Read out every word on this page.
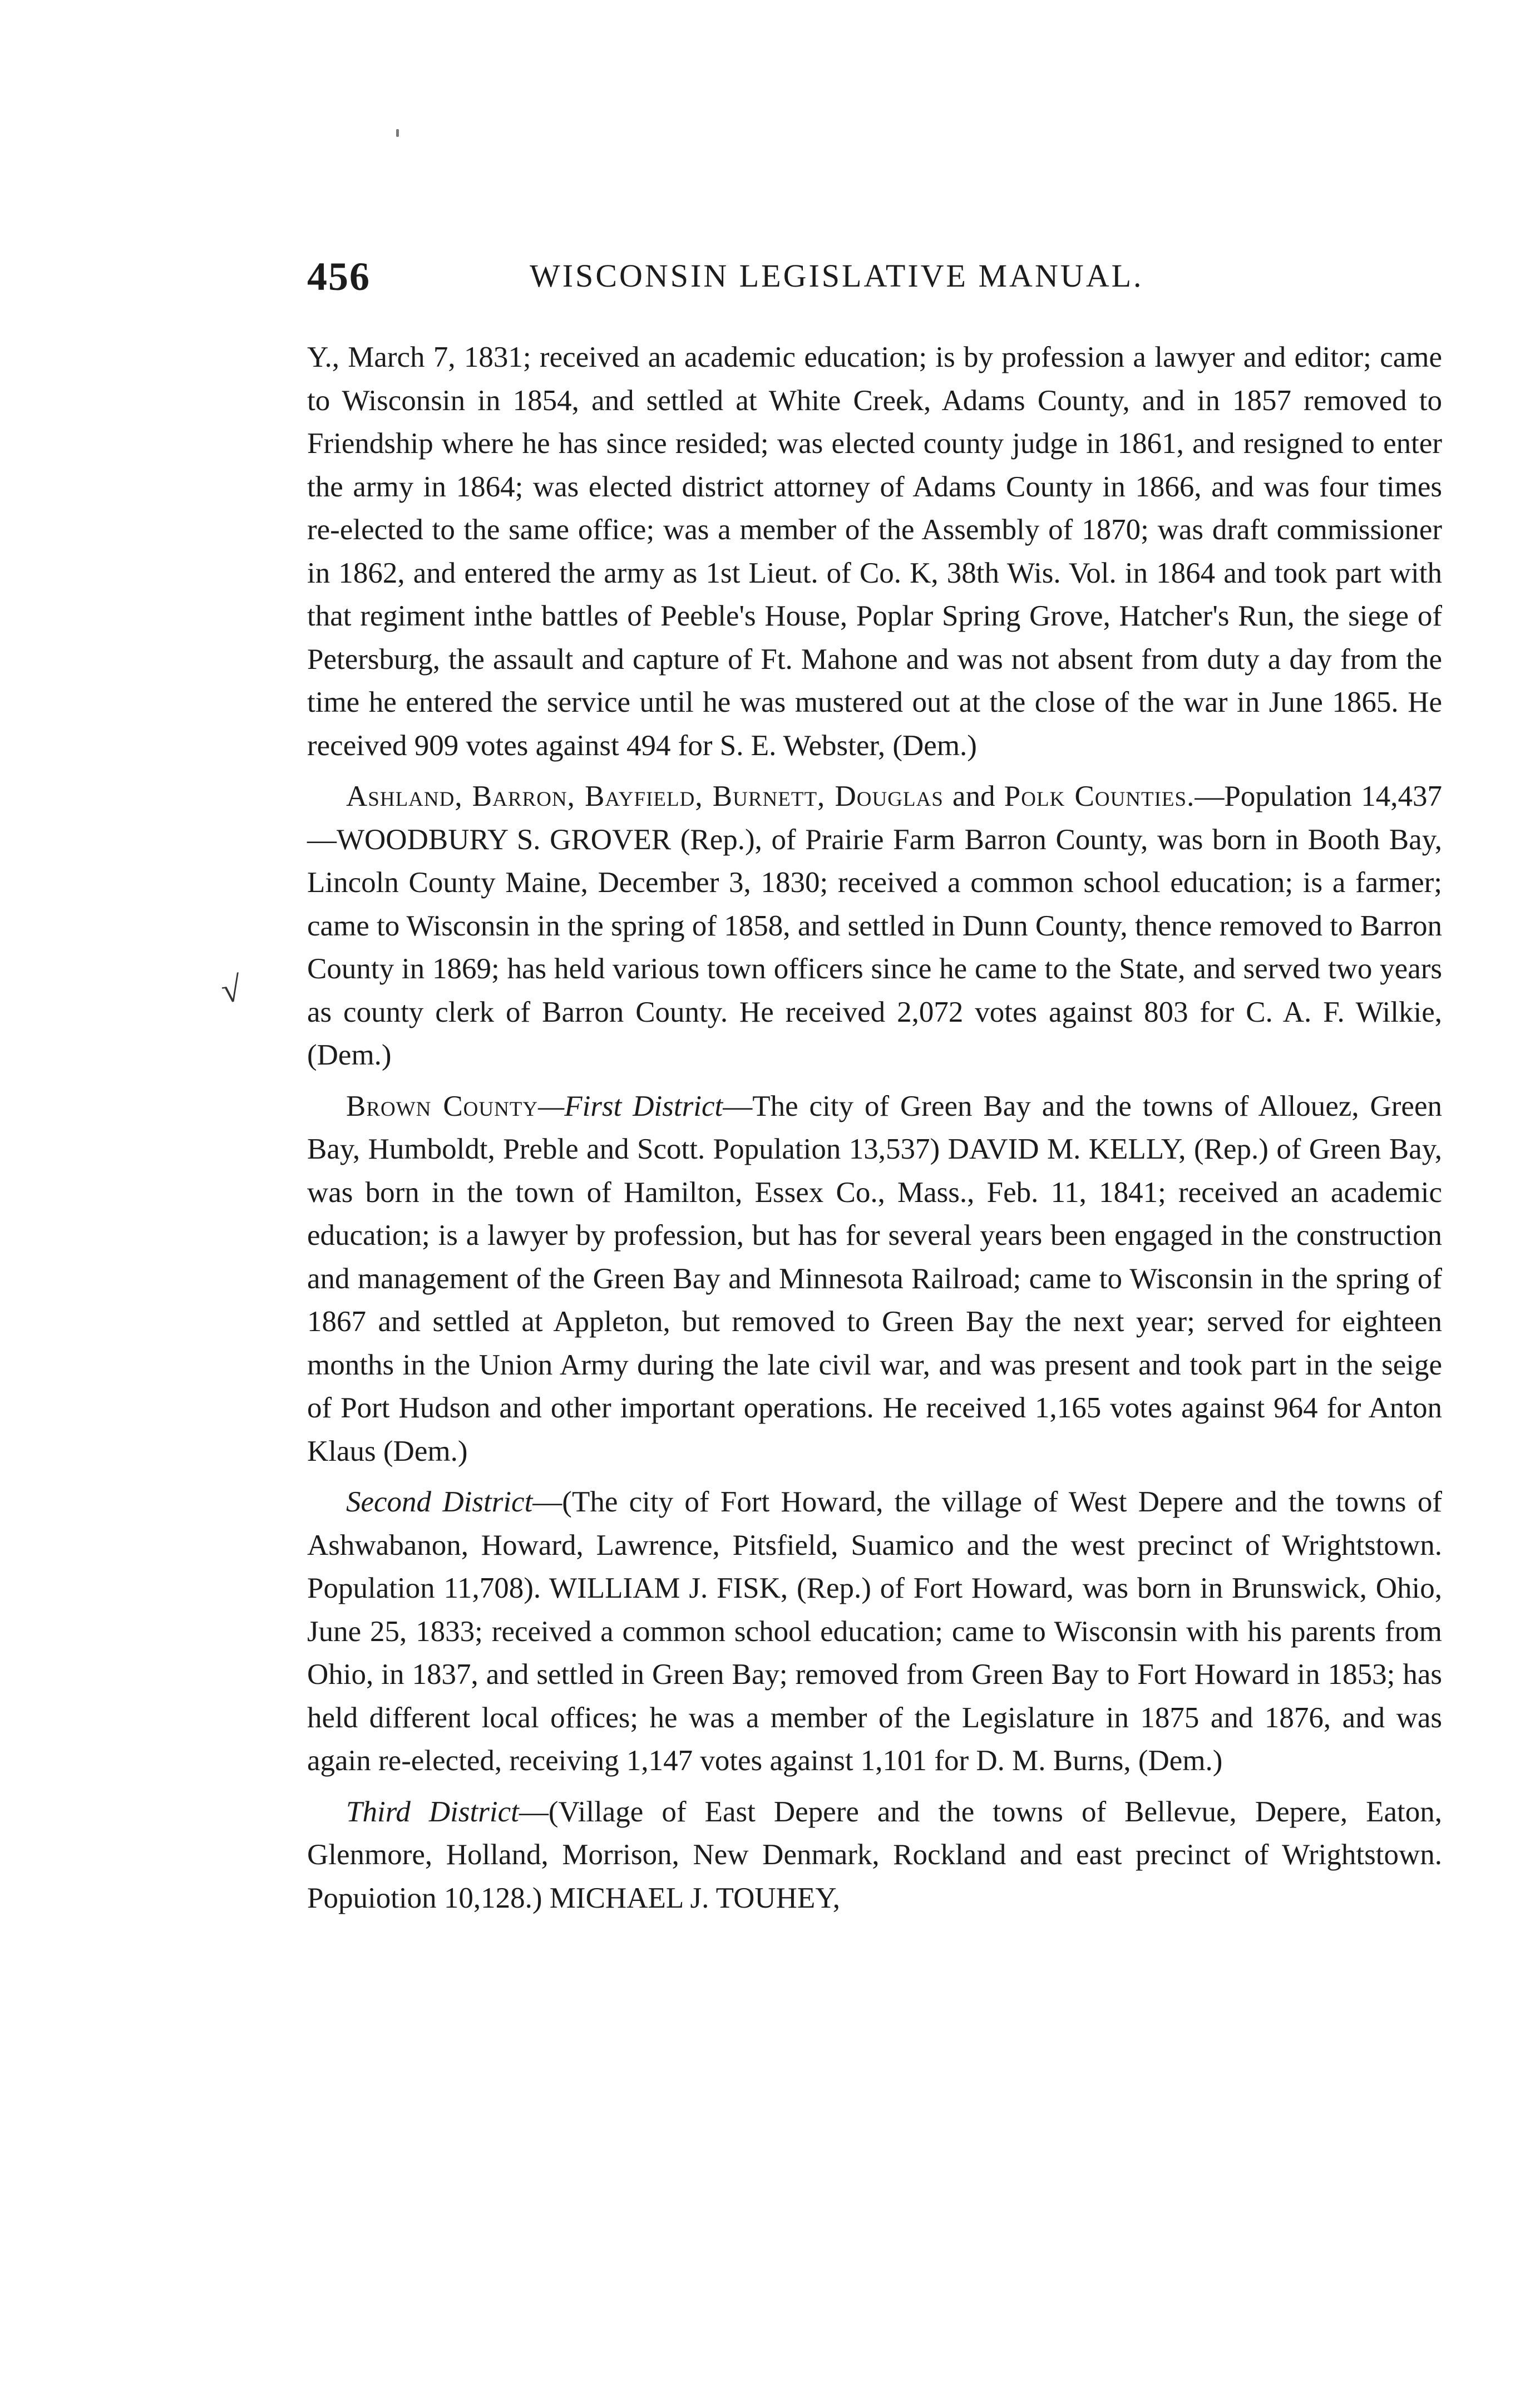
456	WISCONSIN LEGISLATIVE MANUAL.
√

Y., March 7, 1831; received an academic education; is by profession a lawyer and editor; came to Wisconsin in 1854, and settled at White Creek, Adams County, and in 1857 removed to Friendship where he has since resided; was elected county judge in 1861, and resigned to enter the army in 1864; was elected district attorney of Adams County in 1866, and was four times re-elected to the same office; was a member of the Assembly of 1870; was draft commissioner in 1862, and entered the army as 1st Lieut. of Co. K, 38th Wis. Vol. in 1864 and took part with that regiment inthe battles of Peeble's House, Poplar Spring Grove, Hatcher's Run, the siege of Petersburg, the assault and capture of Ft. Mahone and was not absent from duty a day from the time he entered the service until he was mustered out at the close of the war in June 1865. He received 909 votes against 494 for S. E. Webster, (Dem.)

Ashland, Barron, Bayfield, Burnett, Douglas and Polk Counties.—Population 14,437—WOODBURY S. GROVER (Rep.), of Prairie Farm Barron County, was born in Booth Bay, Lincoln County Maine, December 3, 1830; received a common school education; is a farmer; came to Wisconsin in the spring of 1858, and settled in Dunn County, thence removed to Barron County in 1869; has held various town officers since he came to the State, and served two years as county clerk of Barron County. He received 2,072 votes against 803 for C. A. F. Wilkie, (Dem.)

Brown County—First District—The city of Green Bay and the towns of Allouez, Green Bay, Humboldt, Preble and Scott. Population 13,537) DAVID M. KELLY, (Rep.) of Green Bay, was born in the town of Hamilton, Essex Co., Mass., Feb. 11, 1841; received an academic education; is a lawyer by profession, but has for several years been engaged in the construction and management of the Green Bay and Minnesota Railroad; came to Wisconsin in the spring of 1867 and settled at Appleton, but removed to Green Bay the next year; served for eighteen months in the Union Army during the late civil war, and was present and took part in the seige of Port Hudson and other important operations. He received 1,165 votes against 964 for Anton Klaus (Dem.)

Second District—(The city of Fort Howard, the village of West Depere and the towns of Ashwabanon, Howard, Lawrence, Pitsfield, Suamico and the west precinct of Wrightstown. Population 11,708). WILLIAM J. FISK, (Rep.) of Fort Howard, was born in Brunswick, Ohio, June 25, 1833; received a common school education; came to Wisconsin with his parents from Ohio, in 1837, and settled in Green Bay; removed from Green Bay to Fort Howard in 1853; has held different local offices; he was a member of the Legislature in 1875 and 1876, and was again re-elected, receiving 1,147 votes against 1,101 for D. M. Burns, (Dem.)

Third District—(Village of East Depere and the towns of Bellevue, Depere, Eaton, Glenmore, Holland, Morrison, New Denmark, Rockland and east precinct of Wrightstown. Popuiotion 10,128.) MICHAEL J. TOUHEY,
